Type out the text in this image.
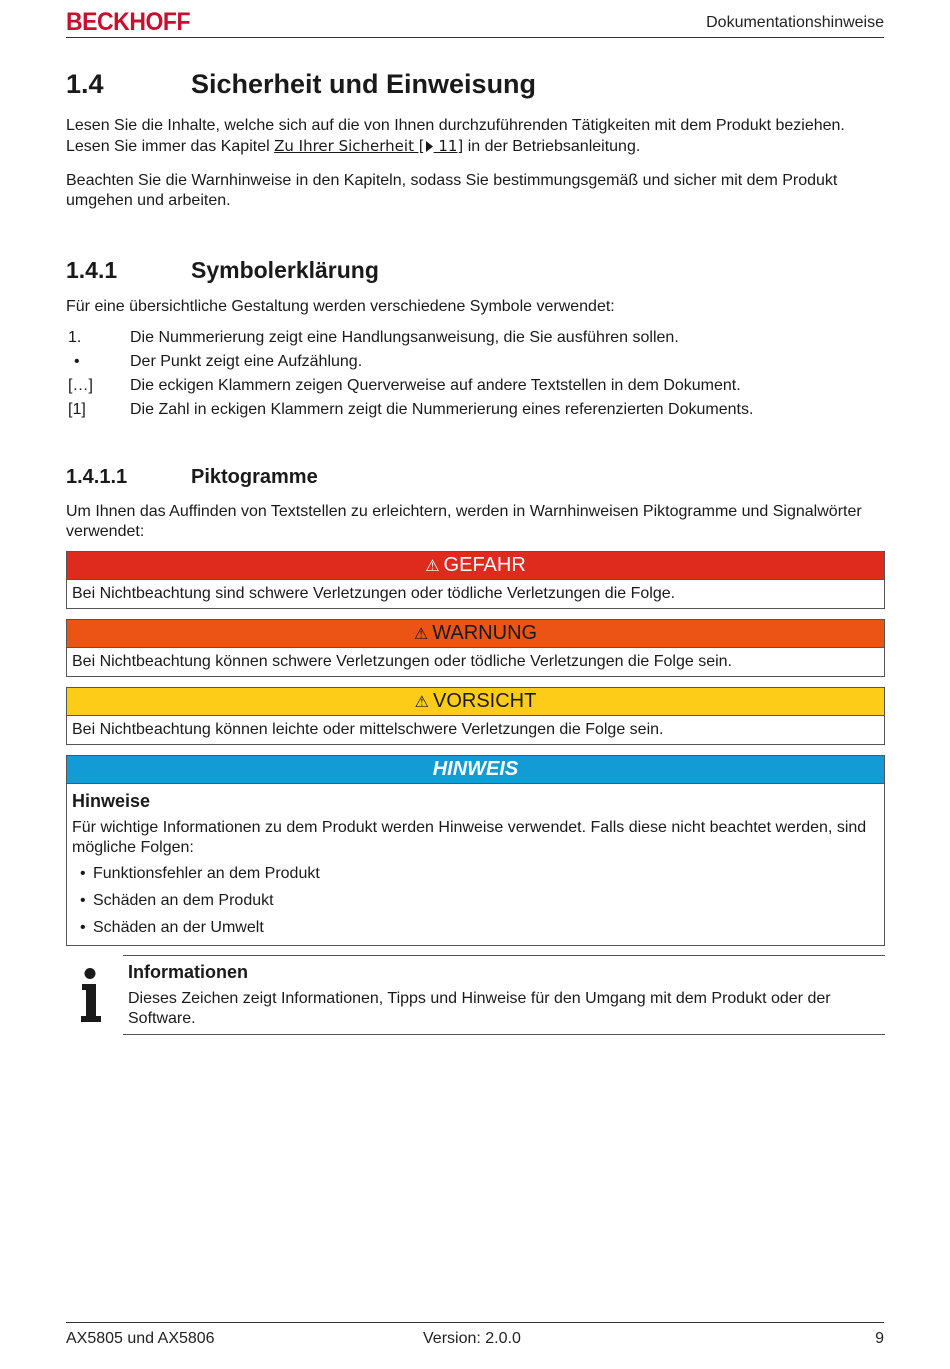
BECKHOFF	Dokumentationshinweise
1.4	Sicherheit und Einweisung

Lesen Sie die Inhalte, welche sich auf die von Ihnen durchzuführenden Tätigkeiten mit dem Produkt beziehen. Lesen Sie immer das Kapitel Zu Ihrer Sicherheit [ 11] in der Betriebsanleitung.

Beachten Sie die Warnhinweise in den Kapiteln, sodass Sie bestimmungsgemäß und sicher mit dem Produkt umgehen und arbeiten.

1.4.1	Symbolerklärung

Für eine übersichtliche Gestaltung werden verschiedene Symbole verwendet:

1.	Die Nummerierung zeigt eine Handlungsanweisung, die Sie ausführen sollen.
•	Der Punkt zeigt eine Aufzählung.
[…]	Die eckigen Klammern zeigen Querverweise auf andere Textstellen in dem Dokument.
[1]	Die Zahl in eckigen Klammern zeigt die Nummerierung eines referenzierten Dokuments.
1.4.1.1	Piktogramme

Um Ihnen das Auffinden von Textstellen zu erleichtern, werden in Warnhinweisen Piktogramme und Signalwörter verwendet:

⚠ GEFAHR
Bei Nichtbeachtung sind schwere Verletzungen oder tödliche Verletzungen die Folge.
⚠ WARNUNG
Bei Nichtbeachtung können schwere Verletzungen oder tödliche Verletzungen die Folge sein.
⚠ VORSICHT
Bei Nichtbeachtung können leichte oder mittelschwere Verletzungen die Folge sein.
HINWEIS
Hinweise
Für wichtige Informationen zu dem Produkt werden Hinweise verwendet. Falls diese nicht beachtet werden, sind mögliche Folgen:
• Funktionsfehler an dem Produkt
• Schäden an dem Produkt
• Schäden an der Umwelt
Informationen
Dieses Zeichen zeigt Informationen, Tipps und Hinweise für den Umgang mit dem Produkt oder der Software.
AX5805 und AX5806	Version: 2.0.0	9
